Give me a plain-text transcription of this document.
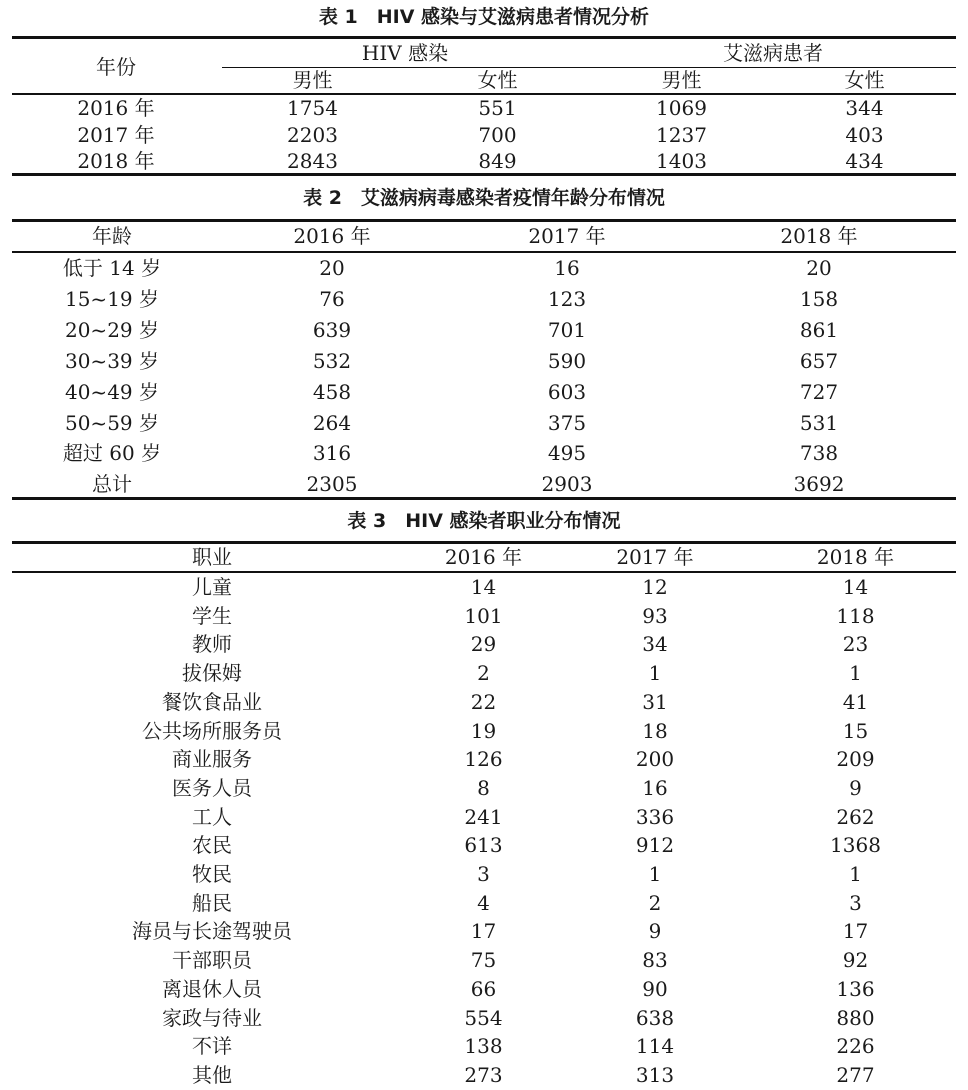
表 1　HIV 感染与艾滋病患者情况分析
年份
HIV 感染	艾滋病患者
男性	女性	男性	女性
2016 年	1754	551	1069	344
2017 年	2203	700	1237	403
2018 年	2843	849	1403	434
表 2　艾滋病病毒感染者疫情年龄分布情况
年龄	2016 年	2017 年	2018 年
低于 14 岁	20	16	20
15~19 岁	76	123	158
20~29 岁	639	701	861
30~39 岁	532	590	657
40~49 岁	458	603	727
50~59 岁	264	375	531
超过 60 岁	316	495	738
总计	2305	2903	3692
表 3　HIV 感染者职业分布情况
职业	2016 年	2017 年	2018 年
儿童	14	12	14
学生	101	93	118
教师	29	34	23
拔保姆	2	1	1
餐饮食品业	22	31	41
公共场所服务员	19	18	15
商业服务	126	200	209
医务人员	8	16	9
工人	241	336	262
农民	613	912	1368
牧民	3	1	1
船民	4	2	3
海员与长途驾驶员	17	9	17
干部职员	75	83	92
离退休人员	66	90	136
家政与待业	554	638	880
不详	138	114	226
其他	273	313	277
